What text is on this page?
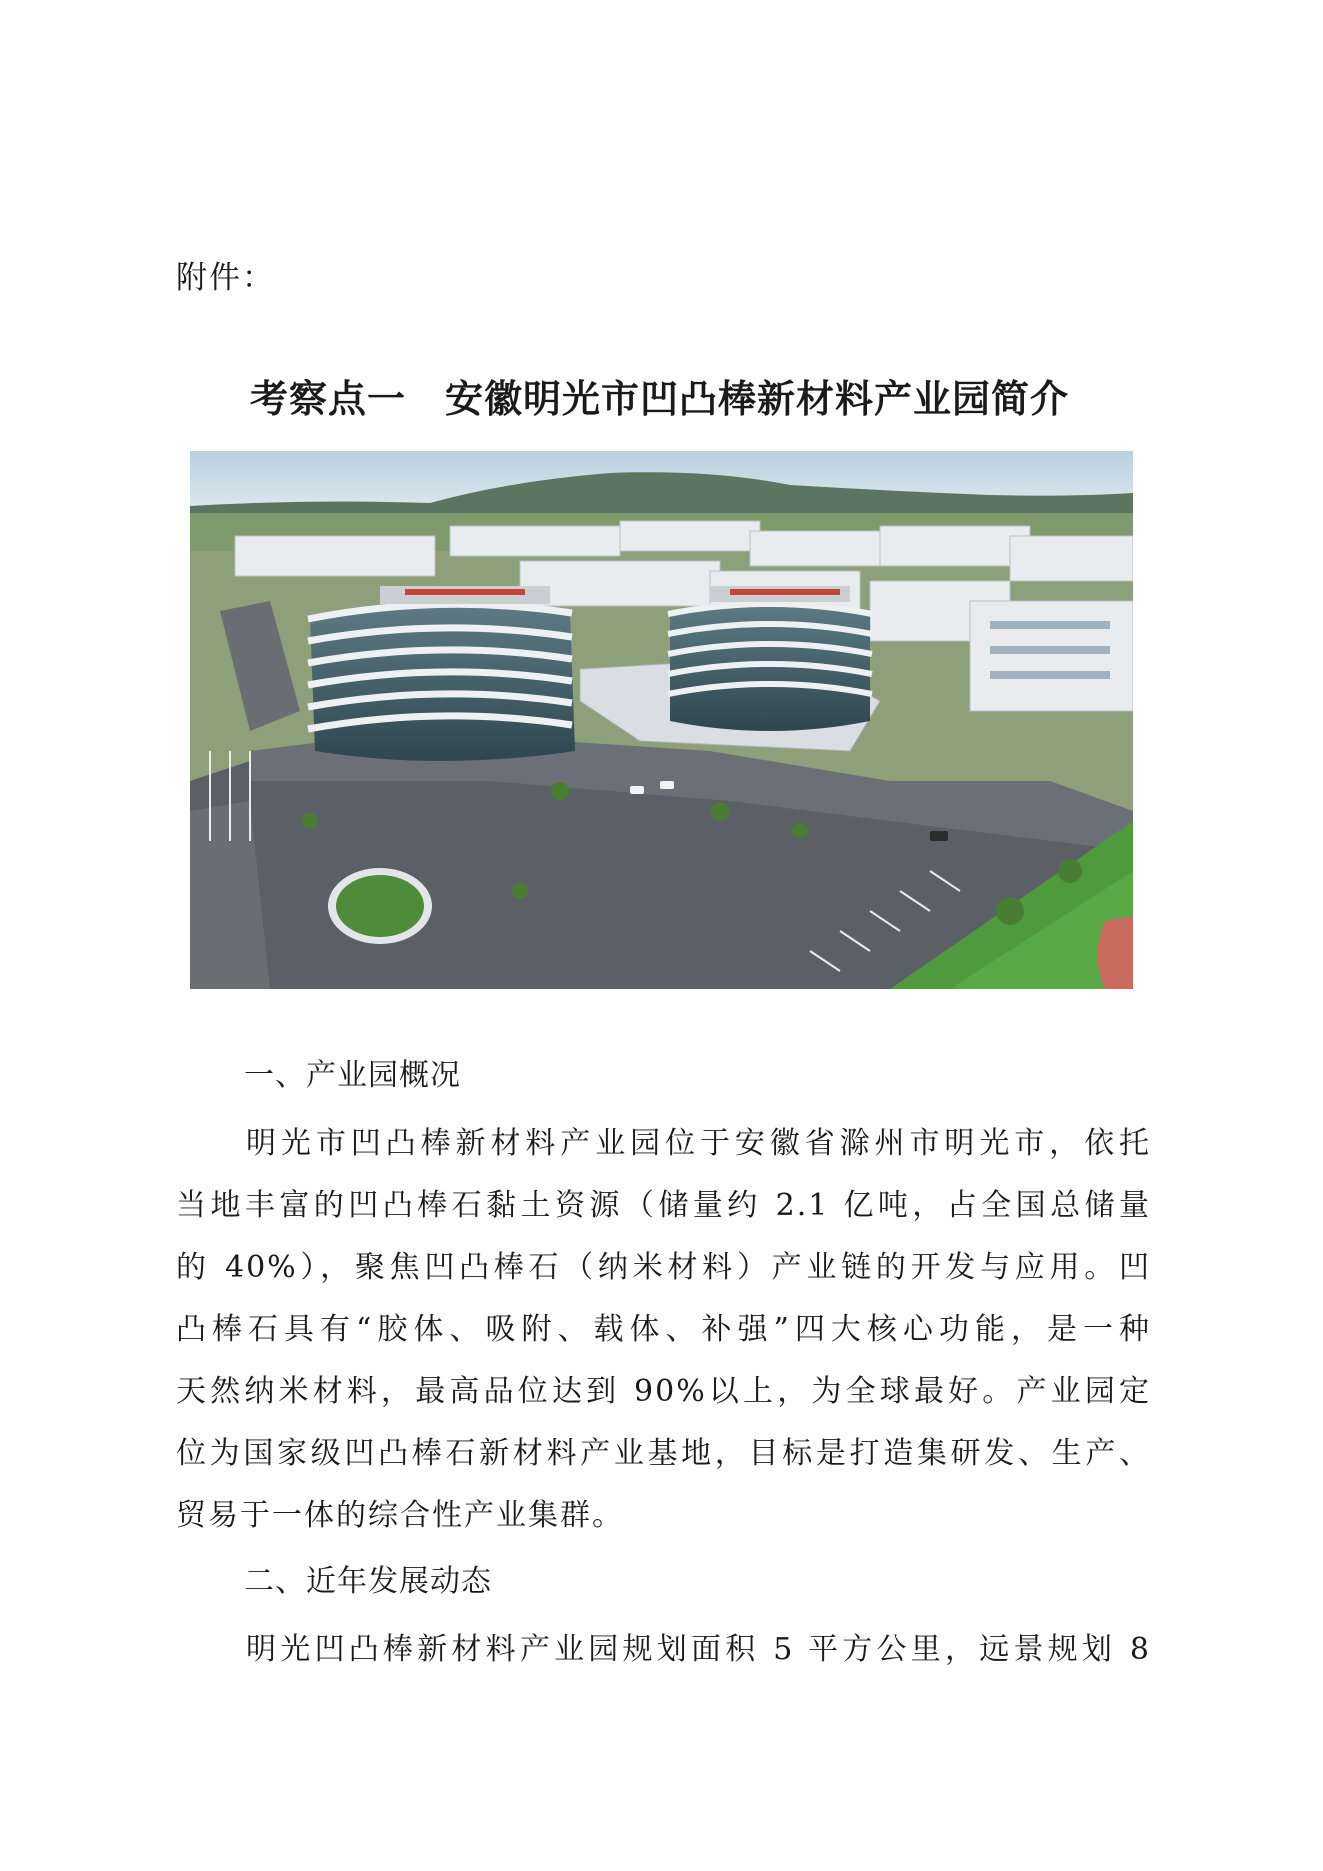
附件：
考察点一　安徽明光市凹凸棒新材料产业园简介
一、产业园概况
明光市凹凸棒新材料产业园位于安徽省滁州市明光市，依托
当地丰富的凹凸棒石黏土资源（储量约 2.1 亿吨，占全国总储量
的 40%），聚焦凹凸棒石（纳米材料）产业链的开发与应用。凹
凸棒石具有“胶体、吸附、载体、补强”四大核心功能，是一种
天然纳米材料，最高品位达到 90%以上，为全球最好。产业园定
位为国家级凹凸棒石新材料产业基地，目标是打造集研发、生产、
贸易于一体的综合性产业集群。
二、近年发展动态
明光凹凸棒新材料产业园规划面积 5 平方公里，远景规划 8
